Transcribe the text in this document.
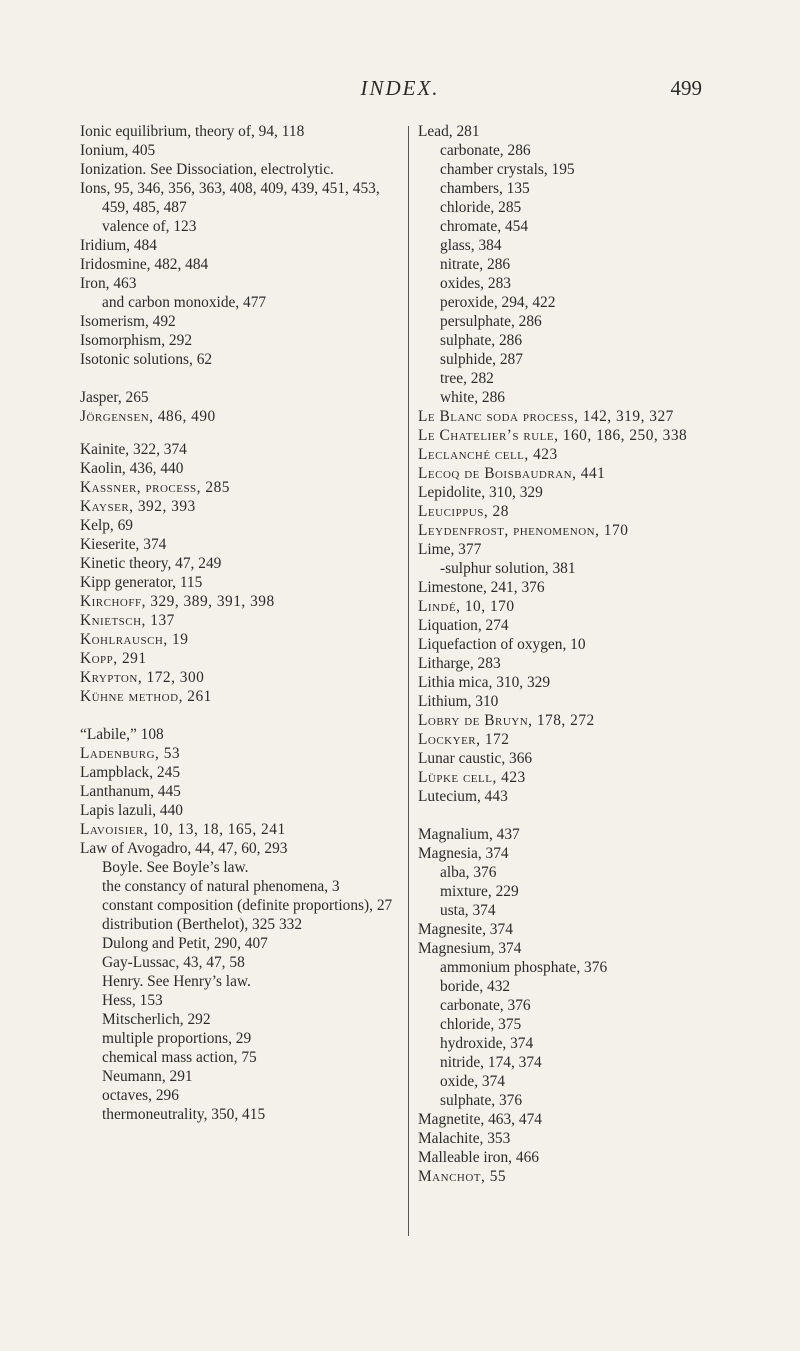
INDEX.	499
Ionic equilibrium, theory of, 94, 118
Ionium, 405
Ionization. See Dissociation, electrolytic.
Ions, 95, 346, 356, 363, 408, 409, 439, 451, 453, 459, 485, 487
valence of, 123
Iridium, 484
Iridosmine, 482, 484
Iron, 463
and carbon monoxide, 477
Isomerism, 492
Isomorphism, 292
Isotonic solutions, 62
Jasper, 265
Jörgensen, 486, 490
Kainite, 322, 374
Kaolin, 436, 440
Kassner, process, 285
Kayser, 392, 393
Kelp, 69
Kieserite, 374
Kinetic theory, 47, 249
Kipp generator, 115
Kirchoff, 329, 389, 391, 398
Knietsch, 137
Kohlrausch, 19
Kopp, 291
Krypton, 172, 300
Kühne method, 261
“Labile,” 108
Ladenburg, 53
Lampblack, 245
Lanthanum, 445
Lapis lazuli, 440
Lavoisier, 10, 13, 18, 165, 241
Law of Avogadro, 44, 47, 60, 293
Boyle. See Boyle’s law.
the constancy of natural phenomena, 3
constant composition (definite proportions), 27
distribution (Berthelot), 325 332
Dulong and Petit, 290, 407
Gay-Lussac, 43, 47, 58
Henry. See Henry’s law.
Hess, 153
Mitscherlich, 292
multiple proportions, 29
chemical mass action, 75
Neumann, 291
octaves, 296
thermoneutrality, 350, 415
Lead, 281
carbonate, 286
chamber crystals, 195
chambers, 135
chloride, 285
chromate, 454
glass, 384
nitrate, 286
oxides, 283
peroxide, 294, 422
persulphate, 286
sulphate, 286
sulphide, 287
tree, 282
white, 286
Le Blanc soda process, 142, 319, 327
Le Chatelier’s rule, 160, 186, 250, 338
Leclanché cell, 423
Lecoq de Boisbaudran, 441
Lepidolite, 310, 329
Leucippus, 28
Leydenfrost, phenomenon, 170
Lime, 377
-sulphur solution, 381
Limestone, 241, 376
Lindé, 10, 170
Liquation, 274
Liquefaction of oxygen, 10
Litharge, 283
Lithia mica, 310, 329
Lithium, 310
Lobry de Bruyn, 178, 272
Lockyer, 172
Lunar caustic, 366
Lüpke cell, 423
Lutecium, 443
Magnalium, 437
Magnesia, 374
alba, 376
mixture, 229
usta, 374
Magnesite, 374
Magnesium, 374
ammonium phosphate, 376
boride, 432
carbonate, 376
chloride, 375
hydroxide, 374
nitride, 174, 374
oxide, 374
sulphate, 376
Magnetite, 463, 474
Malachite, 353
Malleable iron, 466
Manchot, 55
